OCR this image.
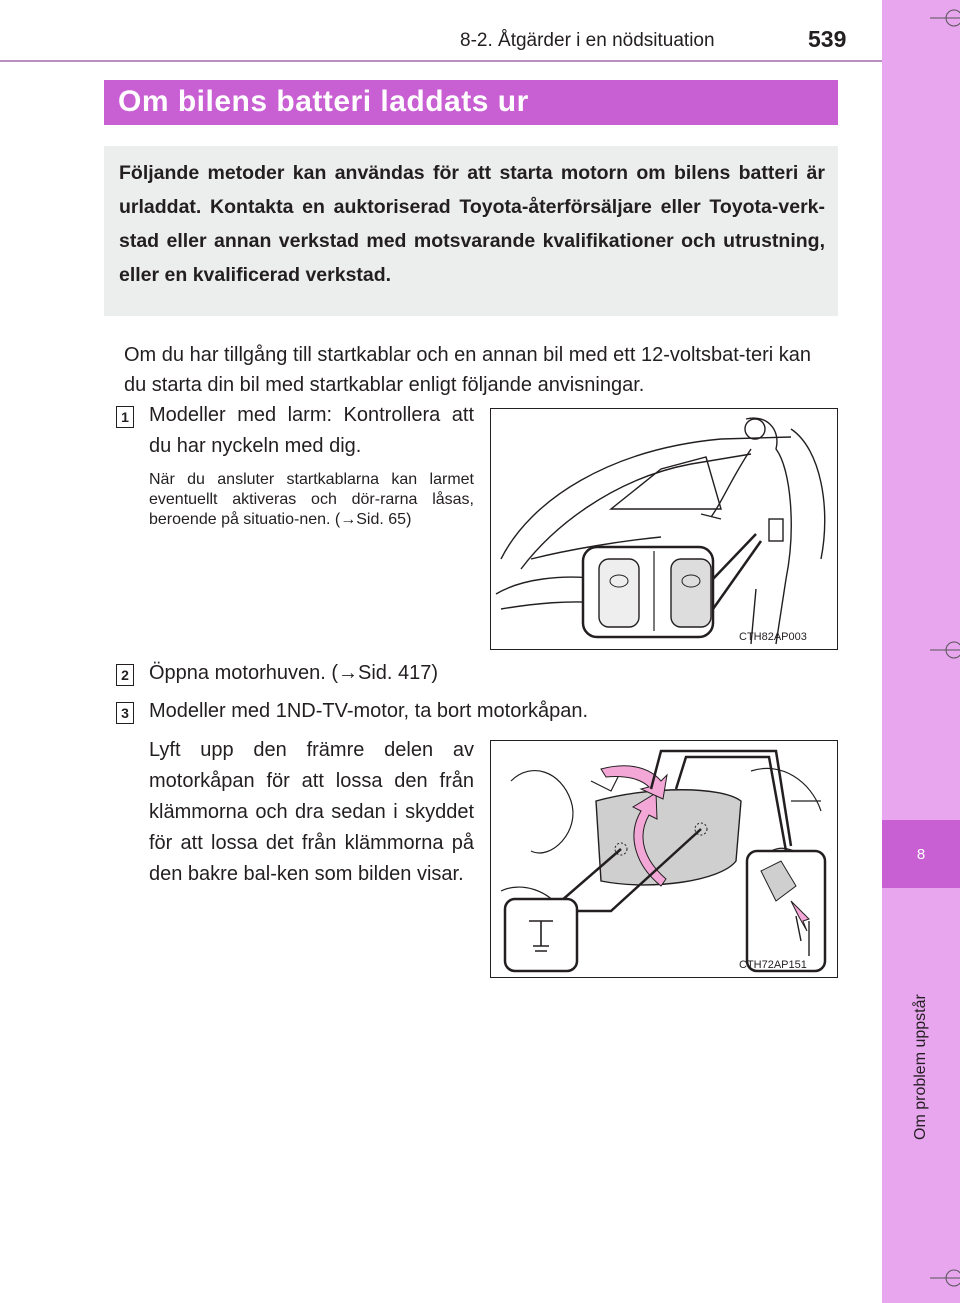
8
Om problem uppstår
8-2. Åtgärder i en nödsituation	539
Om bilens batteri laddats ur

Följande metoder kan användas för att starta motorn om bilens batteri är urladdat. Kontakta en auktoriserad Toyota-återförsäljare eller Toyota-verk-stad eller annan verkstad med motsvarande kvalifikationer och utrustning, eller en kvalificerad verkstad.

Om du har tillgång till startkablar och en annan bil med ett 12-voltsbat-teri kan du starta din bil med startkablar enligt följande anvisningar.
1 Modeller med larm: Kontrollera att du har nyckeln med dig.
När du ansluter startkablarna kan larmet eventuellt aktiveras och dör-rarna låsas, beroende på situatio-nen. (→Sid. 65)
CTH82AP003
2 Öppna motorhuven. (→Sid. 417)
3 Modeller med 1ND-TV-motor, ta bort motorkåpan.
Lyft upp den främre delen av motorkåpan för att lossa den från klämmorna och dra sedan i skyddet för att lossa det från klämmorna på den bakre bal-ken som bilden visar.
CTH72AP151
